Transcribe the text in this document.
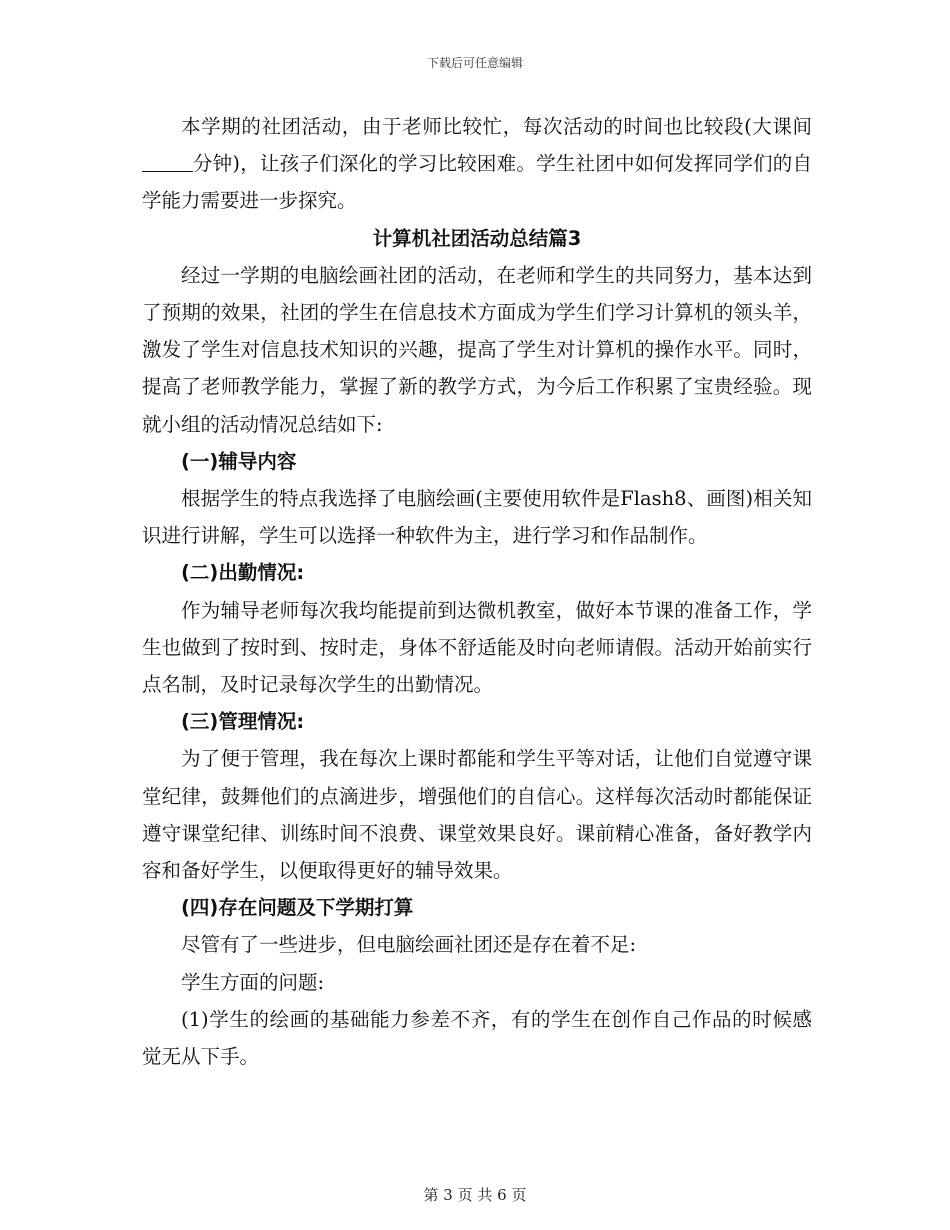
下载后可任意编辑

本学期的社团活动，由于老师比较忙，每次活动的时间也比较段(大课间分钟)，让孩子们深化的学习比较困难。学生社团中如何发挥同学们的自学能力需要进一步探究。

计算机社团活动总结篇3

经过一学期的电脑绘画社团的活动，在老师和学生的共同努力，基本达到了预期的效果，社团的学生在信息技术方面成为学生们学习计算机的领头羊，激发了学生对信息技术知识的兴趣，提高了学生对计算机的操作水平。同时，提高了老师教学能力，掌握了新的教学方式，为今后工作积累了宝贵经验。现就小组的活动情况总结如下:

(一)辅导内容

根据学生的特点我选择了电脑绘画(主要使用软件是Flash8、画图)相关知识进行讲解，学生可以选择一种软件为主，进行学习和作品制作。

(二)出勤情况:

作为辅导老师每次我均能提前到达微机教室，做好本节课的准备工作，学生也做到了按时到、按时走，身体不舒适能及时向老师请假。活动开始前实行点名制，及时记录每次学生的出勤情况。

(三)管理情况:

为了便于管理，我在每次上课时都能和学生平等对话，让他们自觉遵守课堂纪律，鼓舞他们的点滴进步，增强他们的自信心。这样每次活动时都能保证遵守课堂纪律、训练时间不浪费、课堂效果良好。课前精心准备，备好教学内容和备好学生，以便取得更好的辅导效果。

(四)存在问题及下学期打算

尽管有了一些进步，但电脑绘画社团还是存在着不足:

学生方面的问题:

(1)学生的绘画的基础能力参差不齐，有的学生在创作自己作品的时候感觉无从下手。

第 3 页 共 6 页
